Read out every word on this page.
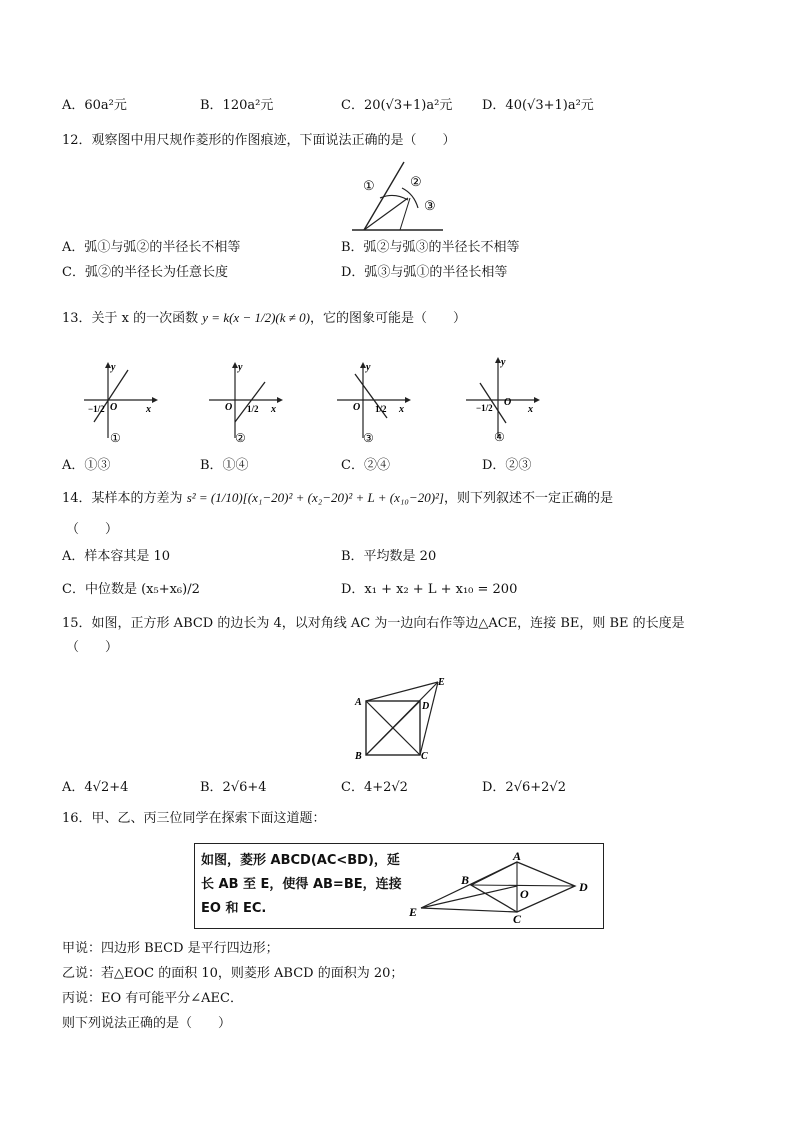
A．60a²元	B．120a²元	C．20(√3+1)a²元 D．40(√3+1)a²元
12．观察图中用尺规作菱形的作图痕迹，下面说法正确的是（　　）
①	②
③
A．弧①与弧②的半径长不相等	B．弧②与弧③的半径长不相等
C．弧②的半径长为任意长度	D．弧③与弧①的半径长相等
13．关于 x 的一次函数 y = k(x − 1/2)(k ≠ 0)，它的图象可能是（　　）
y
x
O
−1/2
①
y
x
O 1/2
②
y
x
O 1/2
③
y
x
O
−1/2
④
A．①③	B．①④	C．②④	D．②③
14．某样本的方差为 s² = (1/10)[(x₁−20)² + (x₂−20)² + L + (x₁₀−20)²]，则下列叙述不一定正确的是
（　　）
A．样本容其是 10	B．平均数是 20
C．中位数是 (x₅+x₆)/2	D．x₁ + x₂ + L + x₁₀ = 200
15．如图，正方形 ABCD 的边长为 4，以对角线 AC 为一边向右作等边△ACE，连接 BE，则 BE 的长度是
（　　）
A
B	C
D
E
A．4√2+4	B．2√6+4	C．4+2√2	D．2√6+2√2
16．甲、乙、丙三位同学在探索下面这道题：
如图，菱形 ABCD(AC<BD)，延
长 AB 至 E，使得 AB=BE，连接
EO 和 EC.
A
B
C
D
E
O
甲说：四边形 BECD 是平行四边形；
乙说：若△EOC 的面积 10，则菱形 ABCD 的面积为 20；
丙说：EO 有可能平分∠AEC．
则下列说法正确的是（　　）
